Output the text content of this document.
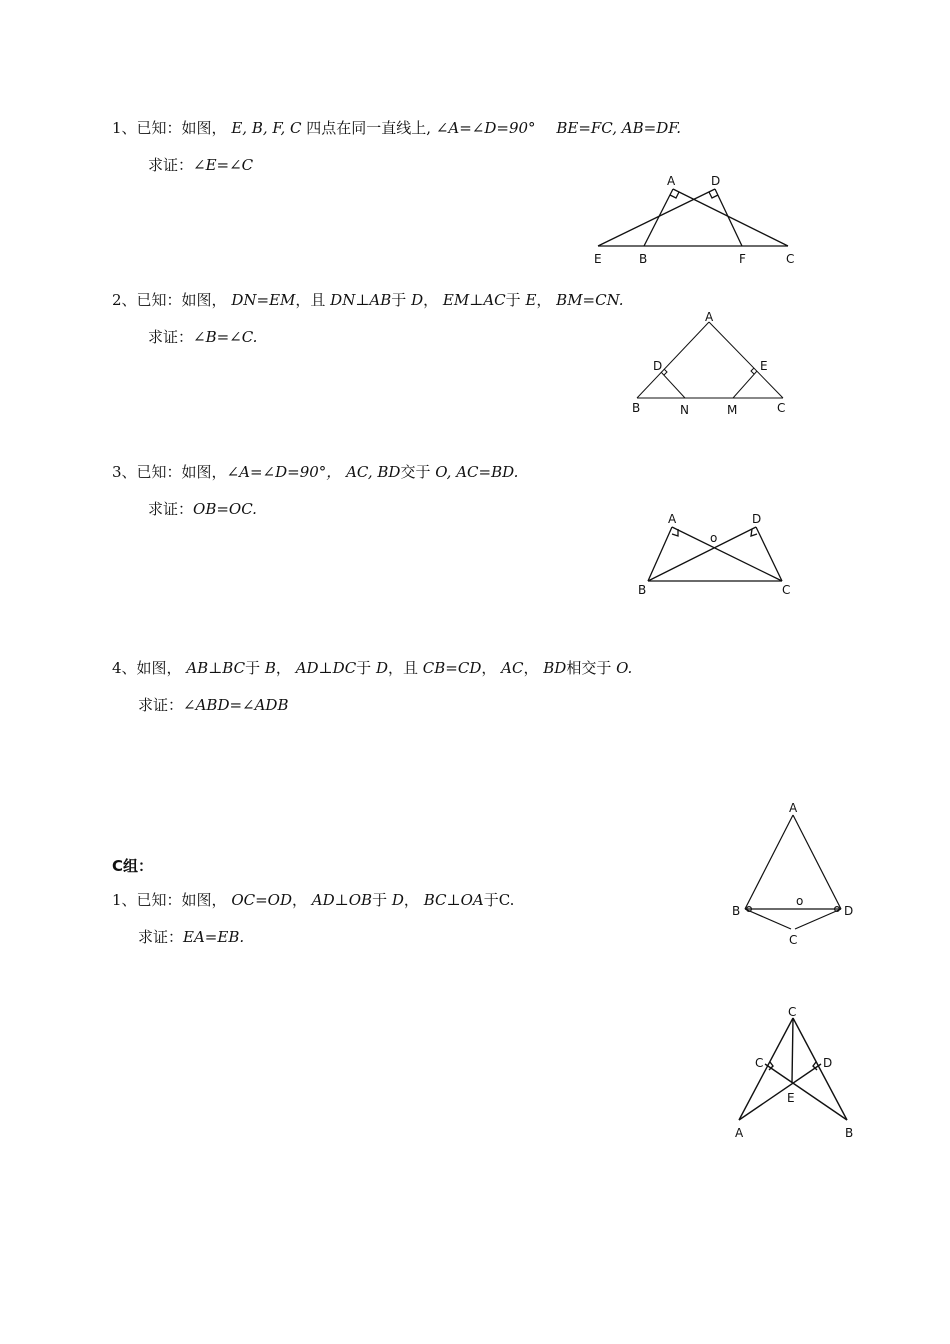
1、已知：如图， E, B, F, C 四点在同一直线上, ∠A=∠D=90° BE=FC, AB=DF.
求证：∠E=∠C
A	D
E	B	F	C
2、已知：如图， DN=EM，且 DN⊥AB于 D， EM⊥AC于 E， BM=CN.
求证：∠B=∠C.
A
D	E
B	N	M	C
3、已知：如图，∠A=∠D=90°， AC, BD交于 O, AC=BD.
求证：OB=OC.
A	D
o
B	C
4、如图， AB⊥BC于 B， AD⊥DC于 D，且 CB=CD， AC， BD相交于 O.
求证：∠ABD=∠ADB
A
B
o
D
C
C组：
1、已知：如图， OC=OD， AD⊥OB于 D， BC⊥OA于C.
求证：EA=EB.
C
C	D
E
A	B
